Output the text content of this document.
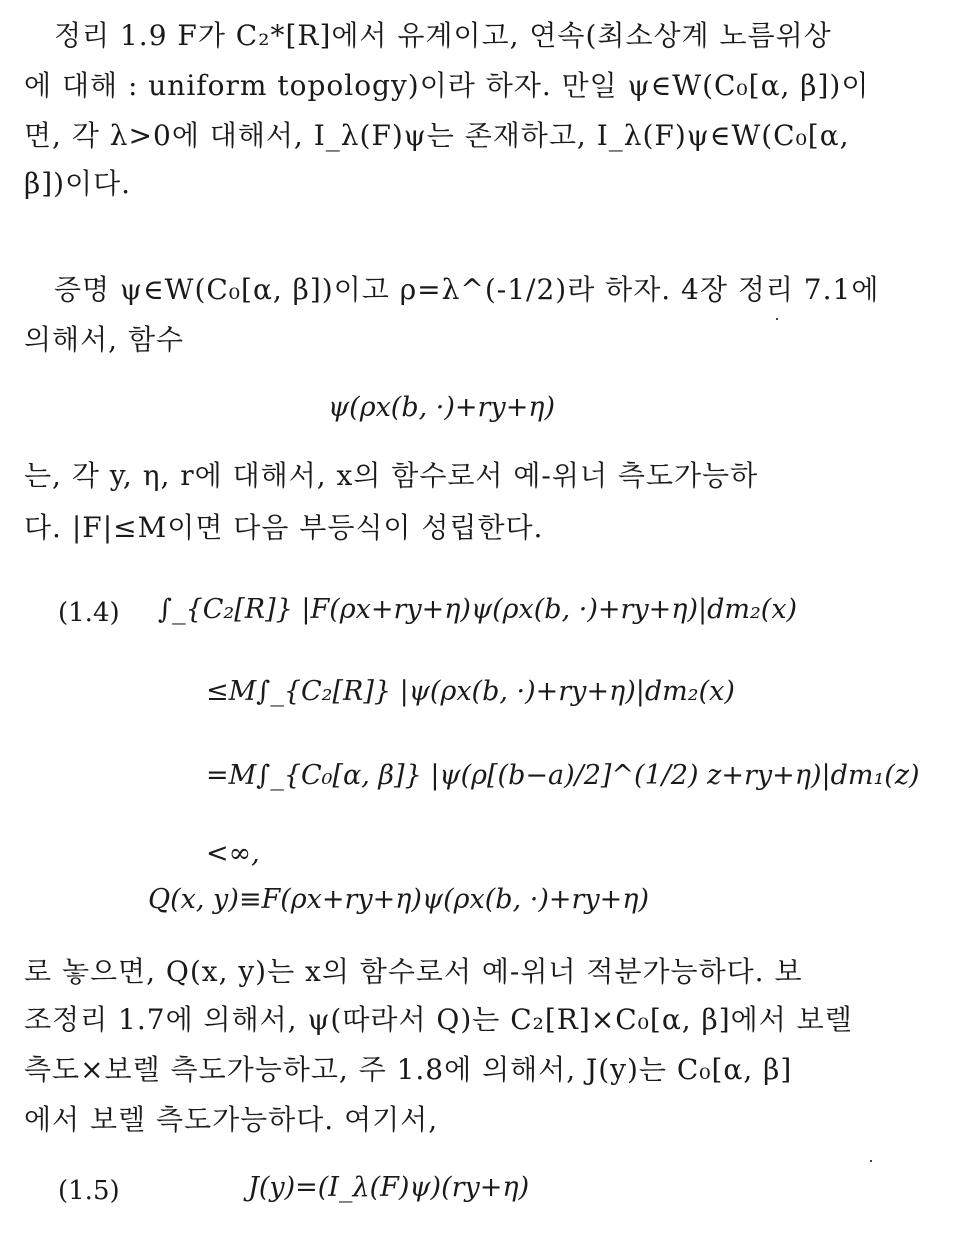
정리 1.9 F가 C₂*[R]에서 유계이고, 연속(최소상계 노름위상
에 대해 : uniform topology)이라 하자. 만일 ψ∈W(C₀[α, β])이
면, 각 λ>0에 대해서, I_λ(F)ψ는 존재하고, I_λ(F)ψ∈W(C₀[α,
β])이다.
증명 ψ∈W(C₀[α, β])이고 ρ=λ^(-1/2)라 하자. 4장 정리 7.1에
의해서, 함수
ψ(ρx(b, ·)+ry+η)
는, 각 y, η, r에 대해서, x의 함수로서 예-위너 측도가능하
다. |F|≤M이면 다음 부등식이 성립한다.
(1.4) ∫_{C₂[R]} |F(ρx+ry+η)ψ(ρx(b, ·)+ry+η)|dm₂(x)
≤M∫_{C₂[R]} |ψ(ρx(b, ·)+ry+η)|dm₂(x)
=M∫_{C₀[α, β]} |ψ(ρ[(b−a)/2]^(1/2) z+ry+η)|dm₁(z)
<∞,
Q(x, y)≡F(ρx+ry+η)ψ(ρx(b, ·)+ry+η)
로 놓으면, Q(x, y)는 x의 함수로서 예-위너 적분가능하다. 보
조정리 1.7에 의해서, ψ(따라서 Q)는 C₂[R]×C₀[α, β]에서 보렐
측도×보렐 측도가능하고, 주 1.8에 의해서, J(y)는 C₀[α, β]
에서 보렐 측도가능하다. 여기서,
(1.5)	J(y)=(I_λ(F)ψ)(ry+η)
